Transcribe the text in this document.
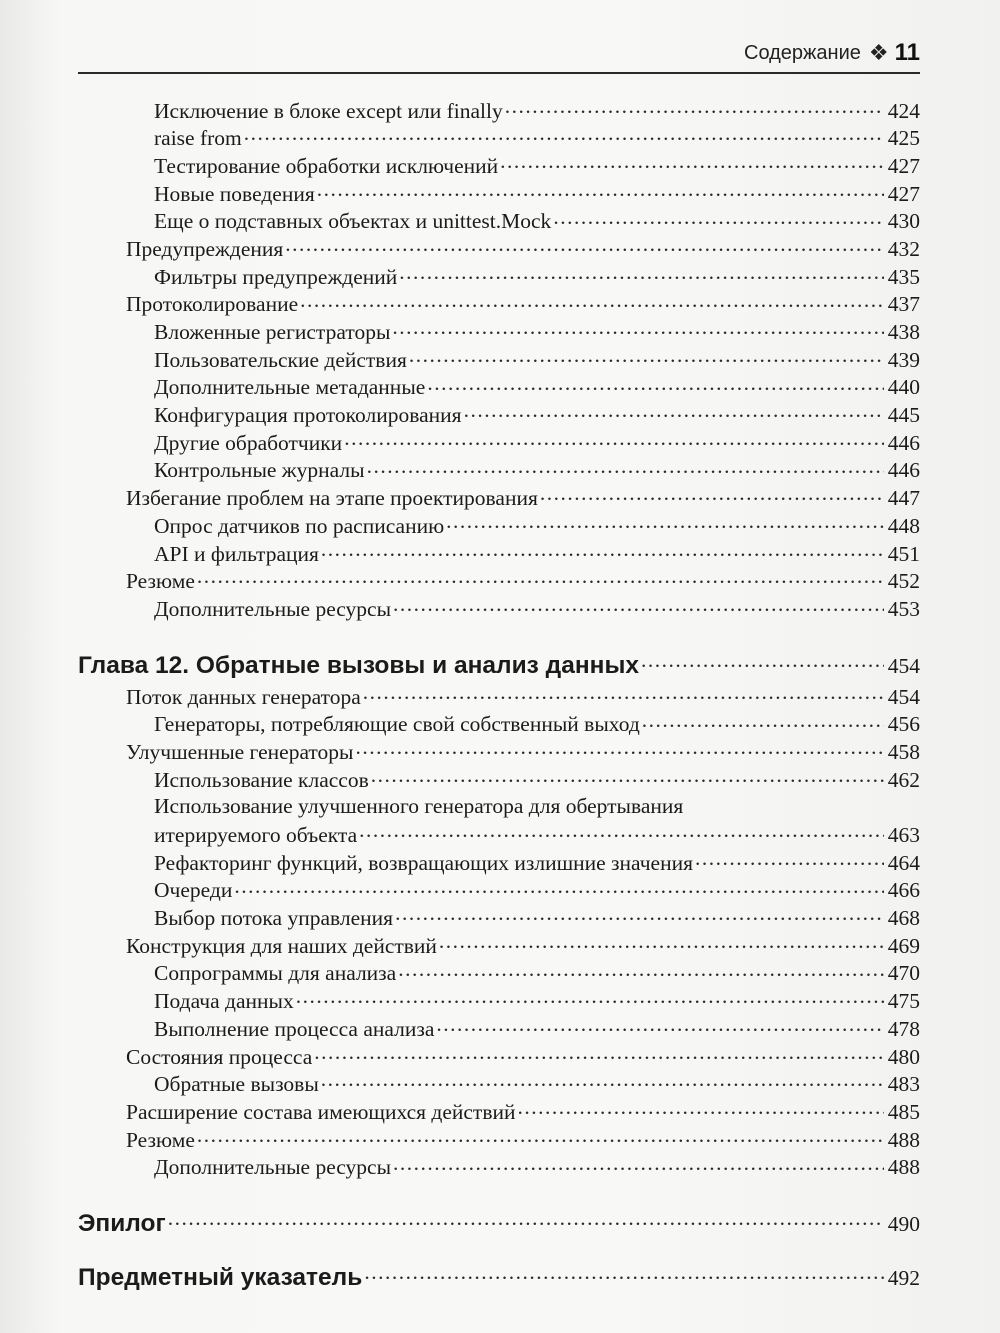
Содержание ❖ 11
Исключение в блоке except или finally .....	424
raise from .....	425
Тестирование обработки исключений .....	427
Новые поведения .....	427
Еще о подставных объектах и unittest.Mock .....	430
Предупреждения .....	432
Фильтры предупреждений .....	435
Протоколирование .....	437
Вложенные регистраторы .....	438
Пользовательские действия .....	439
Дополнительные метаданные .....	440
Конфигурация протоколирования .....	445
Другие обработчики .....	446
Контрольные журналы .....	446
Избегание проблем на этапе проектирования .....	447
Опрос датчиков по расписанию .....	448
API и фильтрация .....	451
Резюме .....	452
Дополнительные ресурсы .....	453
Глава 12. Обратные вызовы и анализ данных .....	454
Поток данных генератора .....	454
Генераторы, потребляющие свой собственный выход .....	456
Улучшенные генераторы .....	458
Использование классов .....	462
Использование улучшенного генератора для обертывания
итерируемого объекта .....	463
Рефакторинг функций, возвращающих излишние значения .....	464
Очереди .....	466
Выбор потока управления .....	468
Конструкция для наших действий .....	469
Сопрограммы для анализа .....	470
Подача данных .....	475
Выполнение процесса анализа .....	478
Состояния процесса .....	480
Обратные вызовы .....	483
Расширение состава имеющихся действий .....	485
Резюме .....	488
Дополнительные ресурсы .....	488
Эпилог .....	490
Предметный указатель .....	492
